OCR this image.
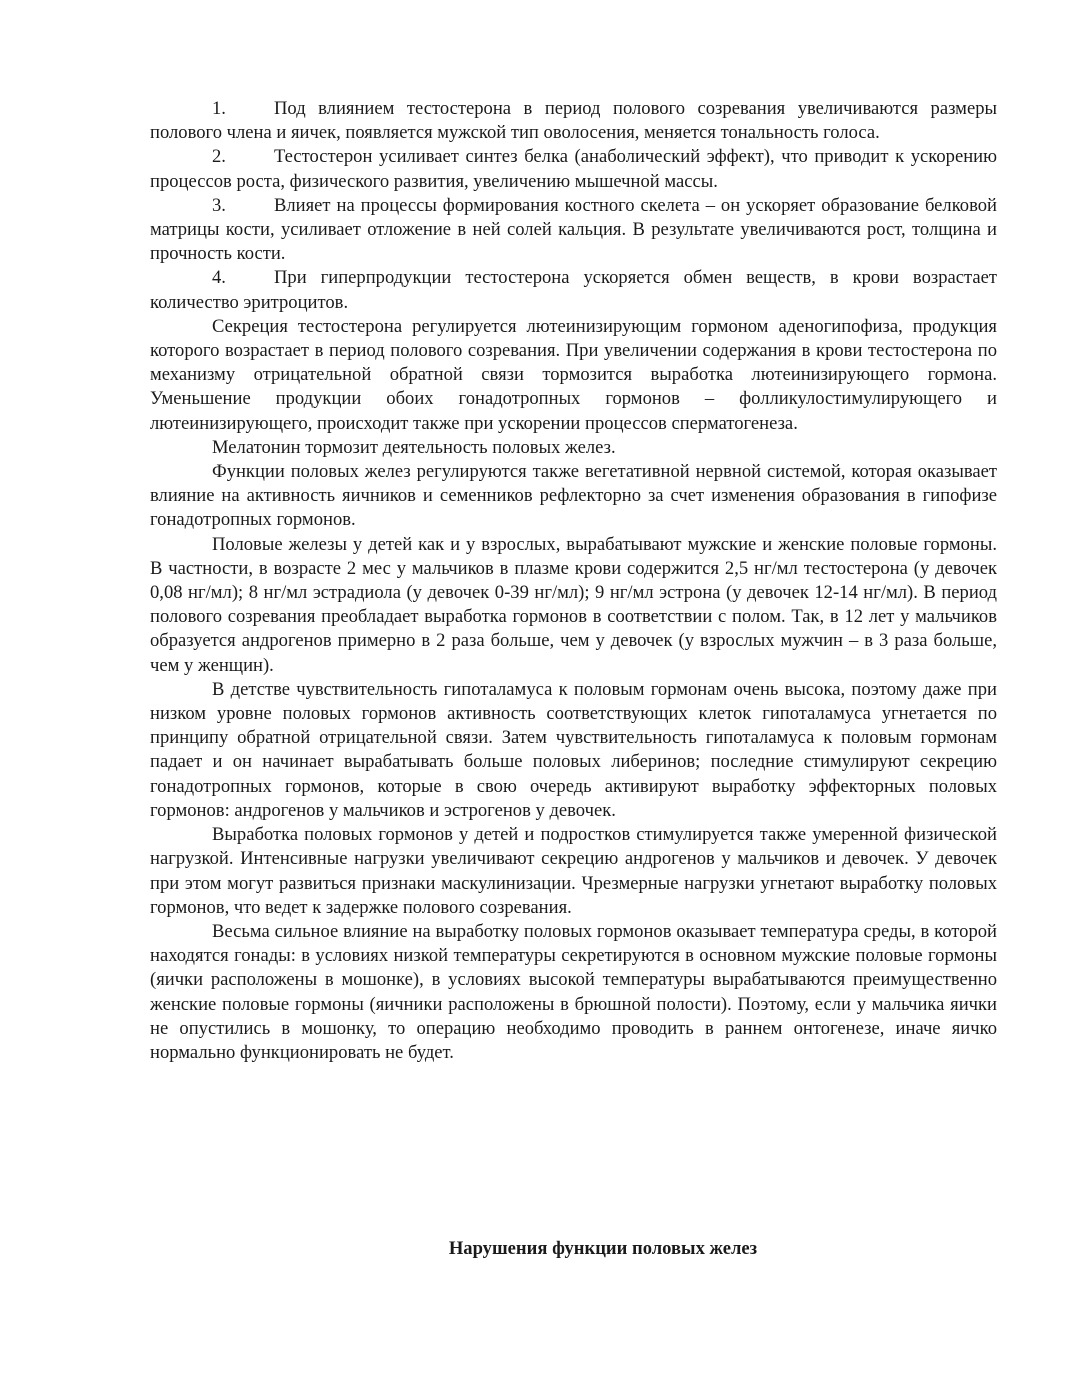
1.	Под влиянием тестостерона в период полового созревания увеличиваются размеры полового члена и яичек, появляется мужской тип оволосения, меняется тональность голоса.

2.	Тестостерон усиливает синтез белка (анаболический эффект), что приводит к ускорению процессов роста, физического развития, увеличению мышечной массы.

3.	Влияет на процессы формирования костного скелета – он ускоряет образование белковой матрицы кости, усиливает отложение в ней солей кальция. В результате увеличиваются рост, толщина и прочность кости.

4.	При гиперпродукции тестостерона ускоряется обмен веществ, в крови возрастает количество эритроцитов.

Секреция тестостерона регулируется лютеинизирующим гормоном аденогипофиза, продукция которого возрастает в период полового созревания. При увеличении содержания в крови тестостерона по механизму отрицательной обратной связи тормозится выработка лютеинизирующего гормона. Уменьшение продукции обоих гонадотропных гормонов – фолликулостимулирующего и лютеинизирующего, происходит также при ускорении процессов сперматогенеза.

Мелатонин тормозит деятельность половых желез.

Функции половых желез регулируются также вегетативной нервной системой, которая оказывает влияние на активность яичников и семенников рефлекторно за счет изменения образования в гипофизе гонадотропных гормонов.

Половые железы у детей как и у взрослых, вырабатывают мужские и женские половые гормоны. В частности, в возрасте 2 мес у мальчиков в плазме крови содержится 2,5 нг/мл тестостерона (у девочек 0,08 нг/мл); 8 нг/мл эстрадиола (у девочек 0-39 нг/мл); 9 нг/мл эстрона (у девочек 12-14 нг/мл). В период полового созревания преобладает выработка гормонов в соответствии с полом. Так, в 12 лет у мальчиков образуется андрогенов примерно в 2 раза больше, чем у девочек (у взрослых мужчин – в 3 раза больше, чем у женщин).

В детстве чувствительность гипоталамуса к половым гормонам очень высока, поэтому даже при низком уровне половых гормонов активность соответствующих клеток гипоталамуса угнетается по принципу обратной отрицательной связи. Затем чувствительность гипоталамуса к половым гормонам падает и он начинает вырабатывать больше половых либеринов; последние стимулируют секрецию гонадотропных гормонов, которые в свою очередь активируют выработку эффекторных половых гормонов: андрогенов у мальчиков и эстрогенов у девочек.

Выработка половых гормонов у детей и подростков стимулируется также умеренной физической нагрузкой. Интенсивные нагрузки увеличивают секрецию андрогенов у мальчиков и девочек. У девочек при этом могут развиться признаки маскулинизации. Чрезмерные нагрузки угнетают выработку половых гормонов, что ведет к задержке полового созревания.

Весьма сильное влияние на выработку половых гормонов оказывает температура среды, в которой находятся гонады: в условиях низкой температуры секретируются в основном мужские половые гормоны (яички расположены в мошонке), в условиях высокой температуры вырабатываются преимущественно женские половые гормоны (яичники расположены в брюшной полости). Поэтому, если у мальчика яички не опустились в мошонку, то операцию необходимо проводить в раннем онтогенезе, иначе яичко нормально функционировать не будет.

Нарушения функции половых желез
